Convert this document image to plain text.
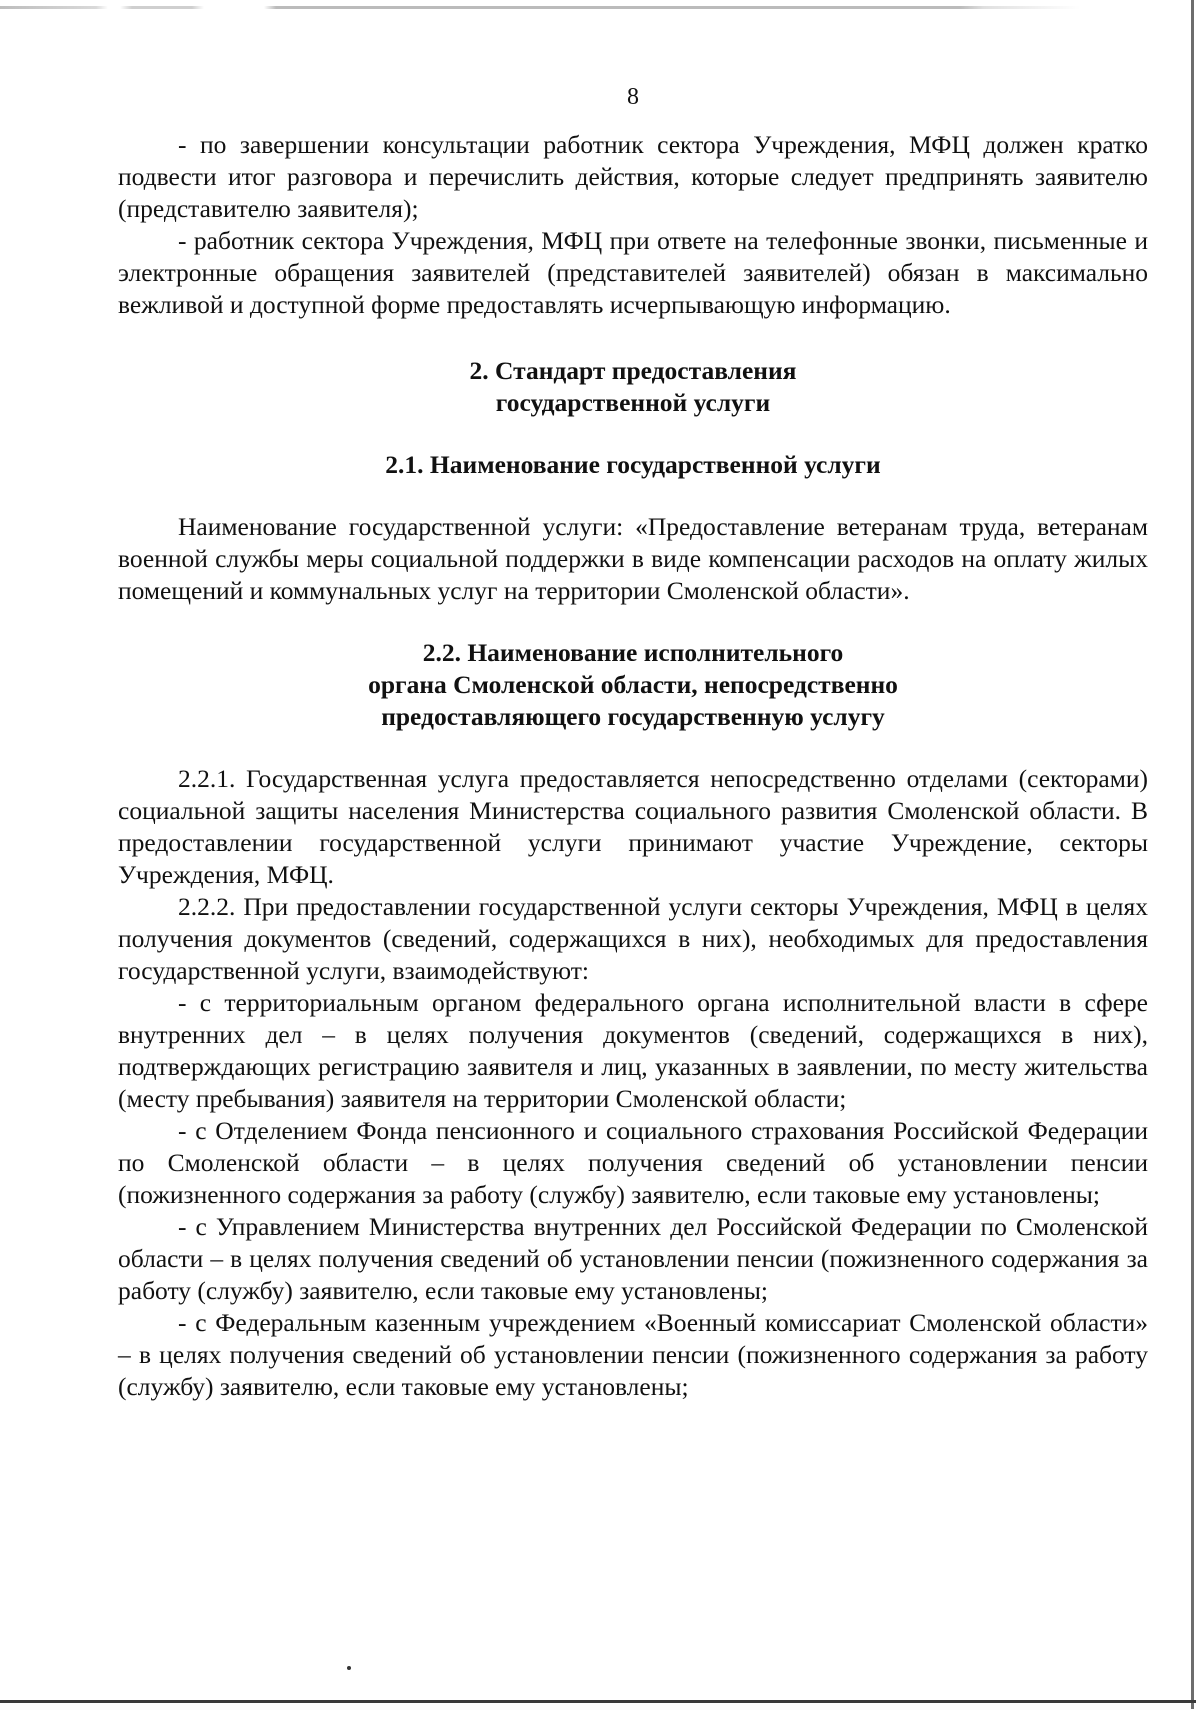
8

- по завершении консультации работник сектора Учреждения, МФЦ должен кратко подвести итог разговора и перечислить действия, которые следует предпринять заявителю (представителю заявителя);

- работник сектора Учреждения, МФЦ при ответе на телефонные звонки, письменные и электронные обращения заявителей (представителей заявителей) обязан в максимально вежливой и доступной форме предоставлять исчерпывающую информацию.

2. Стандарт предоставления
государственной услуги
2.1. Наименование государственной услуги

Наименование государственной услуги: «Предоставление ветеранам труда, ветеранам военной службы меры социальной поддержки в виде компенсации расходов на оплату жилых помещений и коммунальных услуг на территории Смоленской области».

2.2. Наименование исполнительного
органа Смоленской области, непосредственно
предоставляющего государственную услугу

2.2.1. Государственная услуга предоставляется непосредственно отделами (секторами) социальной защиты населения Министерства социального развития Смоленской области. В предоставлении государственной услуги принимают участие Учреждение, секторы Учреждения, МФЦ.

2.2.2. При предоставлении государственной услуги секторы Учреждения, МФЦ в целях получения документов (сведений, содержащихся в них), необходимых для предоставления государственной услуги, взаимодействуют:

- с территориальным органом федерального органа исполнительной власти в сфере внутренних дел – в целях получения документов (сведений, содержащихся в них), подтверждающих регистрацию заявителя и лиц, указанных в заявлении, по месту жительства (месту пребывания) заявителя на территории Смоленской области;

- с Отделением Фонда пенсионного и социального страхования Российской Федерации по Смоленской области – в целях получения сведений об установлении пенсии (пожизненного содержания за работу (службу) заявителю, если таковые ему установлены;

- с Управлением Министерства внутренних дел Российской Федерации по Смоленской области – в целях получения сведений об установлении пенсии (пожизненного содержания за работу (службу) заявителю, если таковые ему установлены;

- с Федеральным казенным учреждением «Военный комиссариат Смоленской области» – в целях получения сведений об установлении пенсии (пожизненного содержания за работу (службу) заявителю, если таковые ему установлены;
